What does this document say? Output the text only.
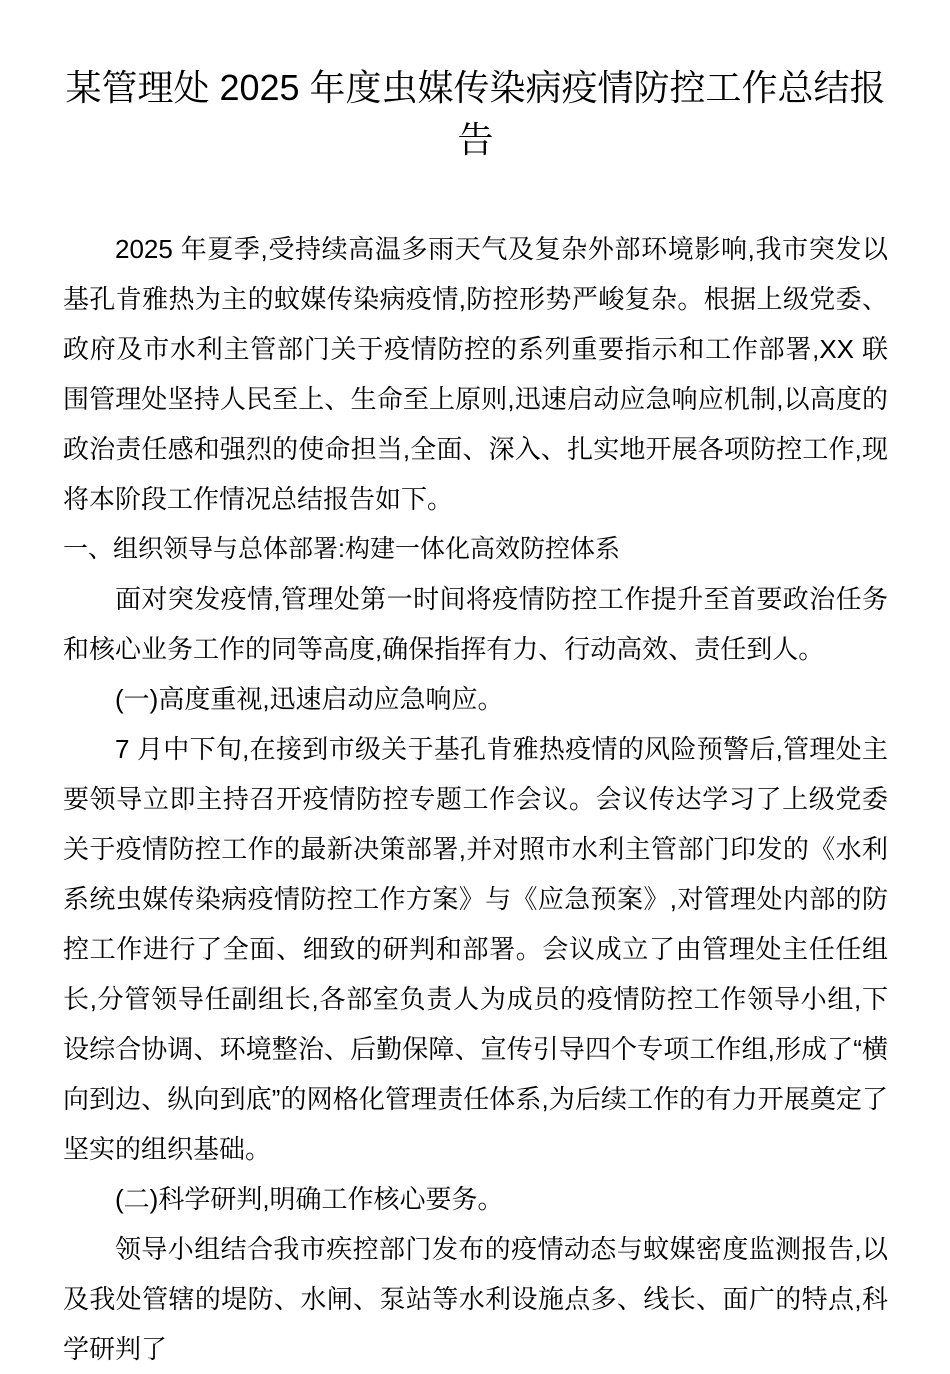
某管理处 2025 年度虫媒传染病疫情防控工作总结报告

2025 年夏季,受持续高温多雨天气及复杂外部环境影响,我市突发以基孔肯雅热为主的蚊媒传染病疫情,防控形势严峻复杂。根据上级党委、政府及市水利主管部门关于疫情防控的系列重要指示和工作部署,XX 联围管理处坚持人民至上、生命至上原则,迅速启动应急响应机制,以高度的政治责任感和强烈的使命担当,全面、深入、扎实地开展各项防控工作,现将本阶段工作情况总结报告如下。

一、组织领导与总体部署:构建一体化高效防控体系

面对突发疫情,管理处第一时间将疫情防控工作提升至首要政治任务和核心业务工作的同等高度,确保指挥有力、行动高效、责任到人。

(一)高度重视,迅速启动应急响应。

7 月中下旬,在接到市级关于基孔肯雅热疫情的风险预警后,管理处主要领导立即主持召开疫情防控专题工作会议。会议传达学习了上级党委关于疫情防控工作的最新决策部署,并对照市水利主管部门印发的《水利系统虫媒传染病疫情防控工作方案》与《应急预案》,对管理处内部的防控工作进行了全面、细致的研判和部署。会议成立了由管理处主任任组长,分管领导任副组长,各部室负责人为成员的疫情防控工作领导小组,下设综合协调、环境整治、后勤保障、宣传引导四个专项工作组,形成了“横向到边、纵向到底”的网格化管理责任体系,为后续工作的有力开展奠定了坚实的组织基础。

(二)科学研判,明确工作核心要务。

领导小组结合我市疾控部门发布的疫情动态与蚊媒密度监测报告,以及我处管辖的堤防、水闸、泵站等水利设施点多、线长、面广的特点,科学研判了
